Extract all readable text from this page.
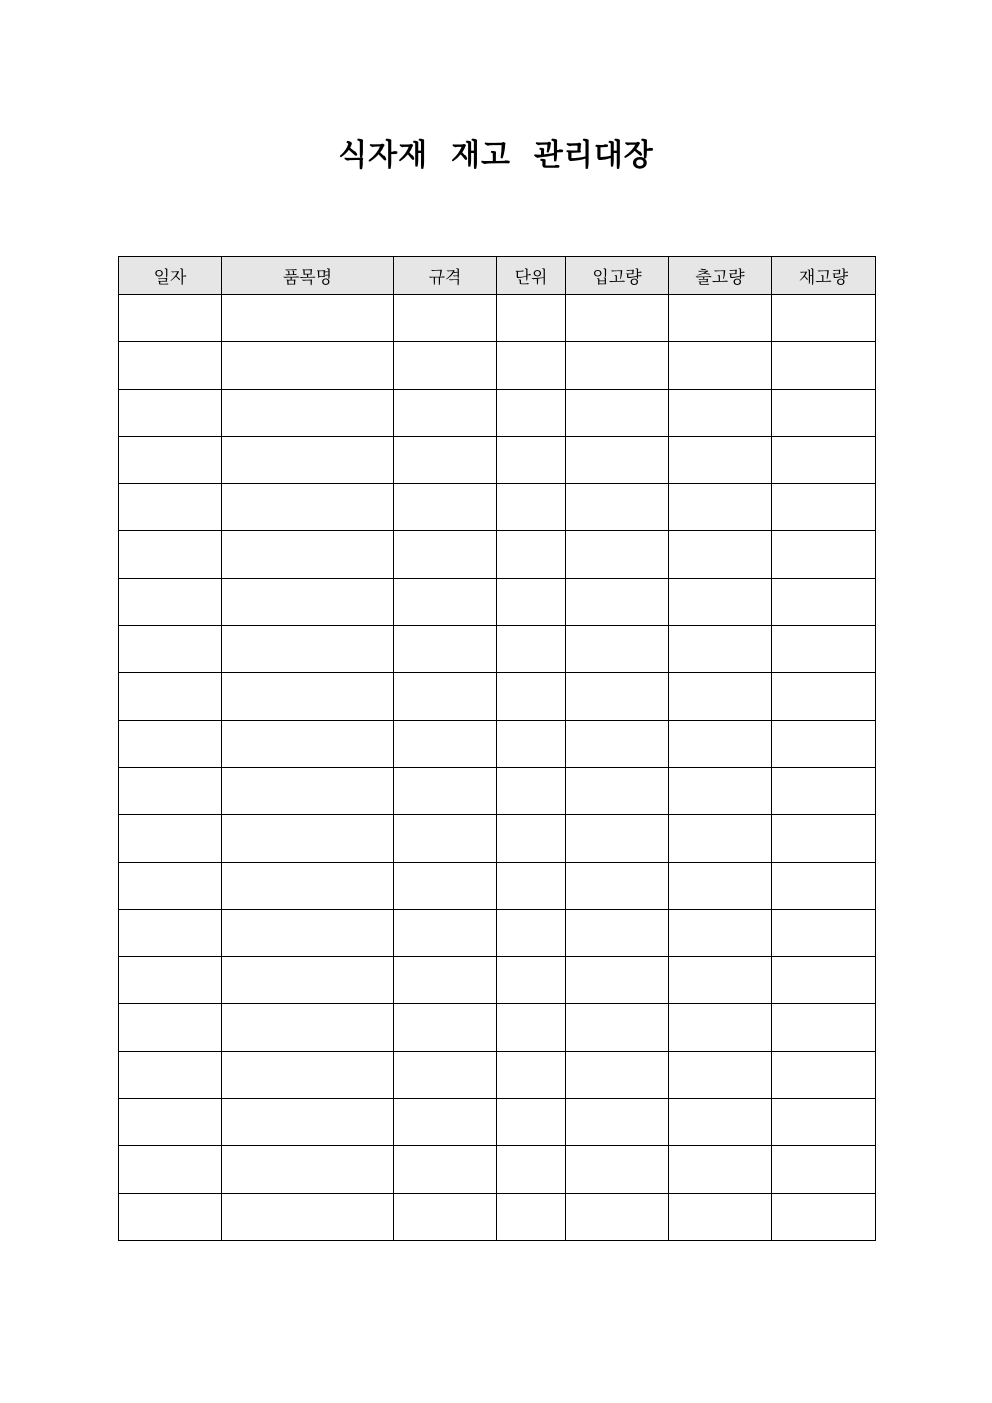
식자재  재고  관리대장
일자	품목명	규격	단위	입고량	출고량	재고량
